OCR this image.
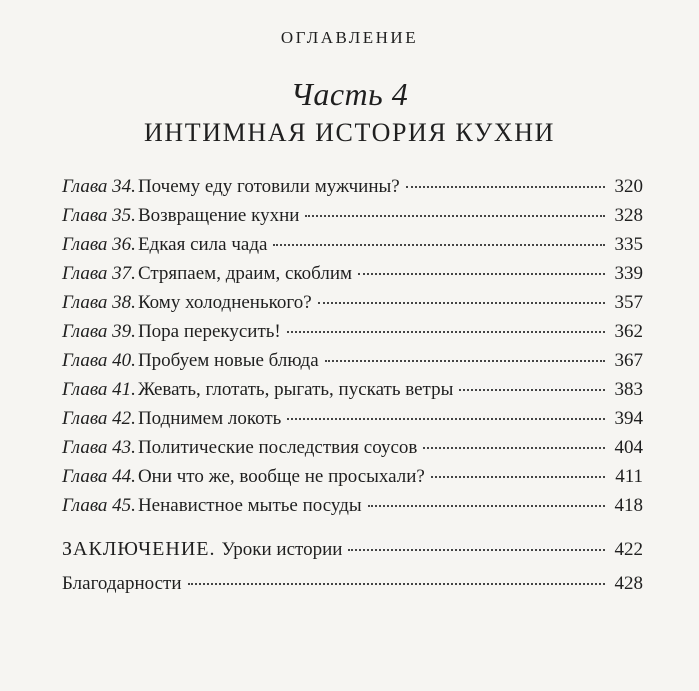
ОГЛАВЛЕНИЕ
Часть 4
ИНТИМНАЯ ИСТОРИЯ КУХНИ
Глава 34. Почему еду готовили мужчины?	320
Глава 35. Возвращение кухни	328
Глава 36. Едкая сила чада	335
Глава 37. Стряпаем, драим, скоблим	339
Глава 38. Кому холодненького?	357
Глава 39. Пора перекусить!	362
Глава 40. Пробуем новые блюда	367
Глава 41. Жевать, глотать, рыгать, пускать ветры	383
Глава 42. Поднимем локоть	394
Глава 43. Политические последствия соусов	404
Глава 44. Они что же, вообще не просыхали?	411
Глава 45. Ненавистное мытье посуды	418
ЗАКЛЮЧЕНИЕ. Уроки истории	422
Благодарности	428
